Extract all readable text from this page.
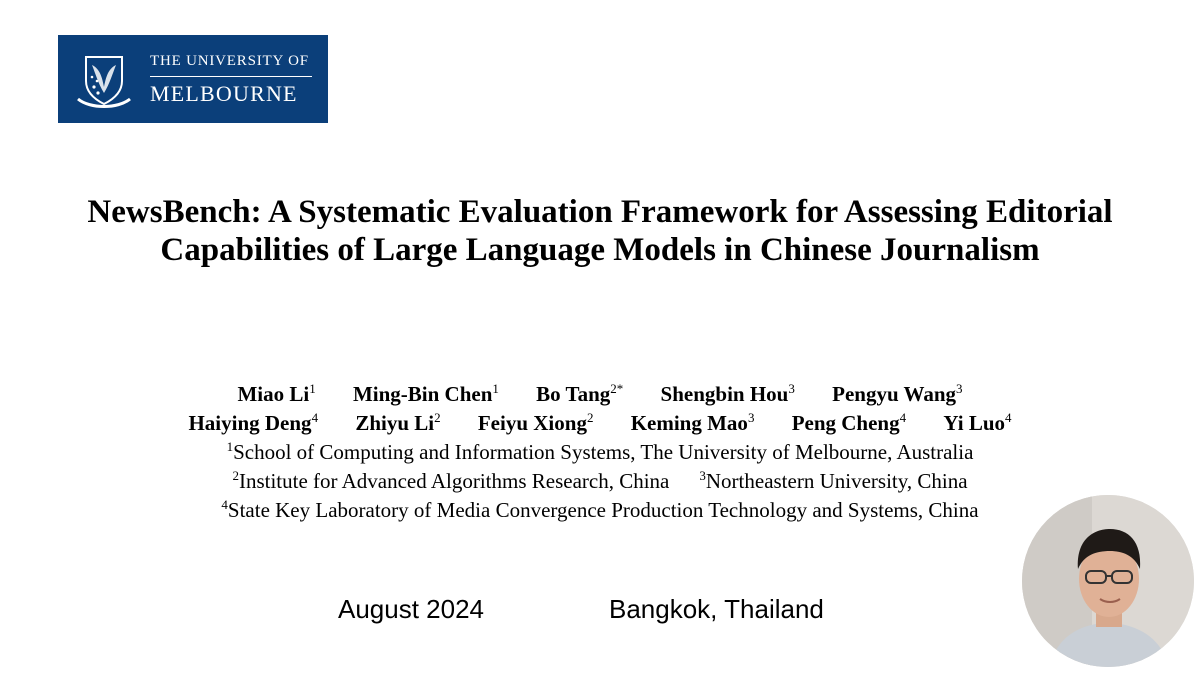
THE UNIVERSITY OF
MELBOURNE
NewsBench: A Systematic Evaluation Framework for Assessing Editorial
Capabilities of Large Language Models in Chinese Journalism
Miao Li$^1$ Ming-Bin Chen$^1$ Bo Tang$^{2*}$ Shengbin Hou$^3$ Pengyu Wang$^3$
Haiying Deng$^4$ Zhiyu Li$^2$ Feiyu Xiong$^2$ Keming Mao$^3$ Peng Cheng$^4$ Yi Luo$^4$
$^1$School of Computing and Information Systems, The University of Melbourne, Australia
$^2$Institute for Advanced Algorithms Research, China $^3$Northeastern University, China
$^4$State Key Laboratory of Media Convergence Production Technology and Systems, China
August 2024	Bangkok, Thailand
